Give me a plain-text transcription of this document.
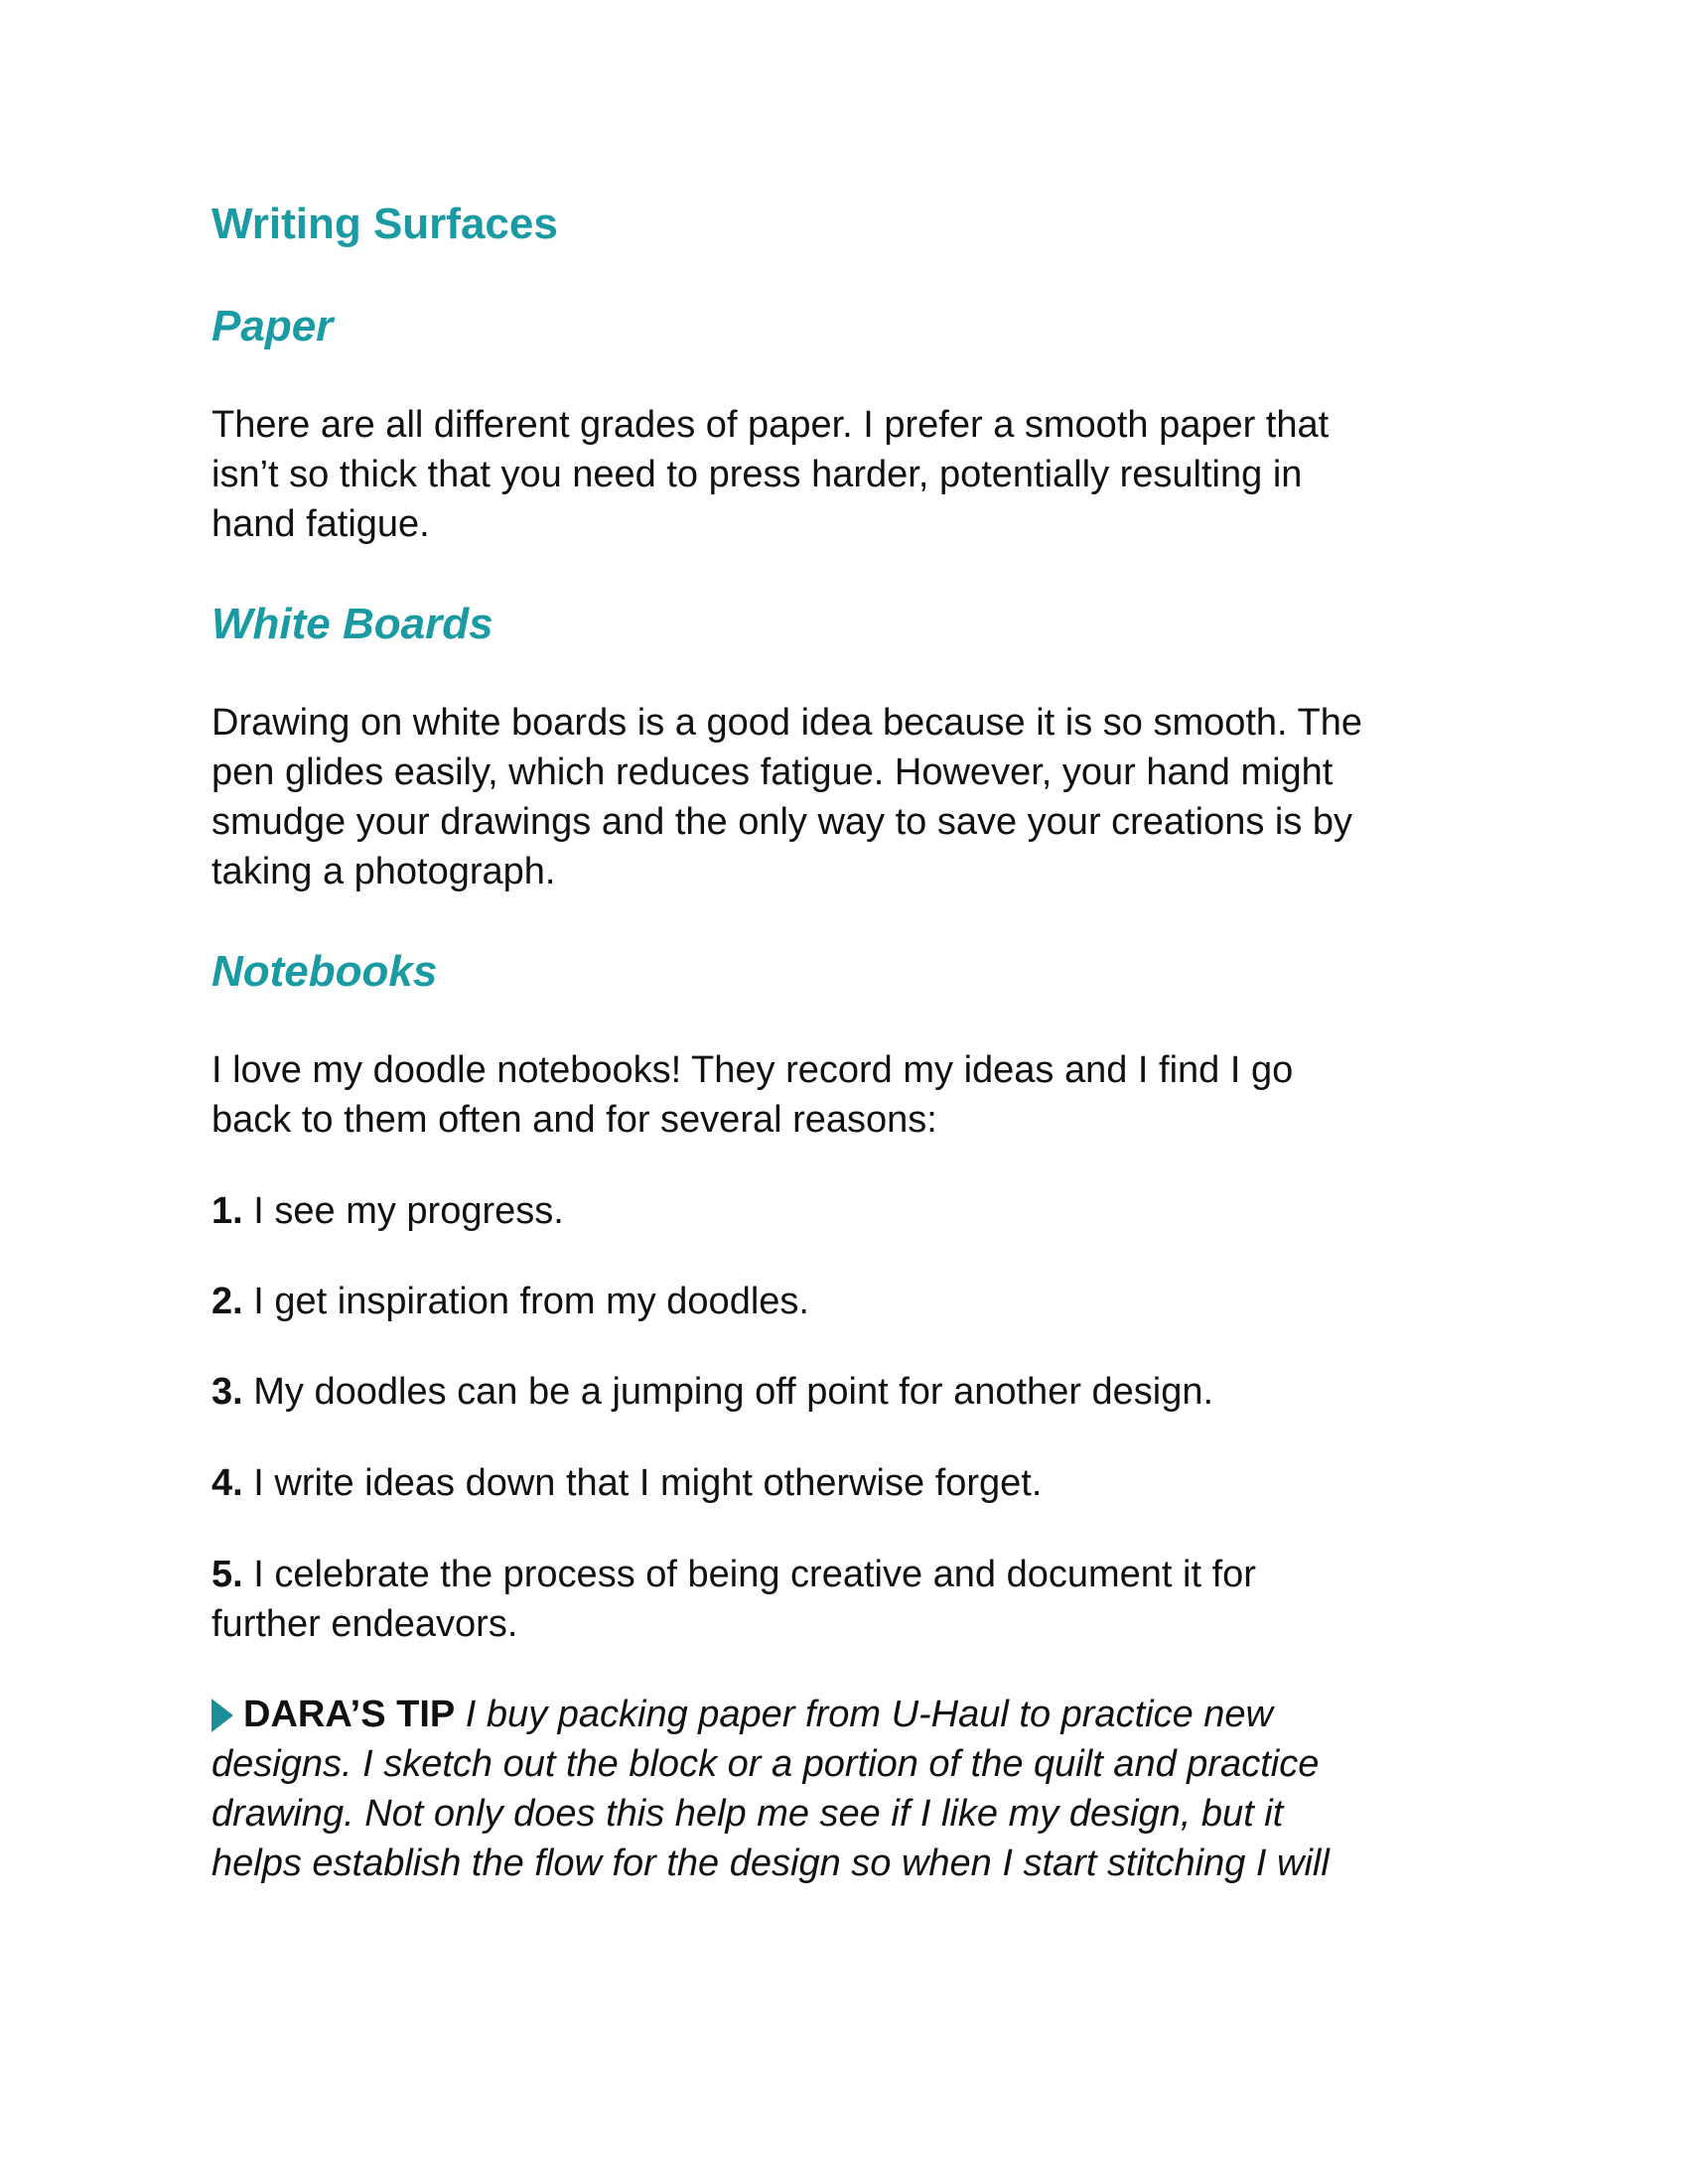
Writing Surfaces
Paper

There are all different grades of paper. I prefer a smooth paper that
isn’t so thick that you need to press harder, potentially resulting in
hand fatigue.

White Boards

Drawing on white boards is a good idea because it is so smooth. The
pen glides easily, which reduces fatigue. However, your hand might
smudge your drawings and the only way to save your creations is by
taking a photograph.

Notebooks

I love my doodle notebooks! They record my ideas and I find I go
back to them often and for several reasons:

1. I see my progress.

2. I get inspiration from my doodles.

3. My doodles can be a jumping off point for another design.

4. I write ideas down that I might otherwise forget.

5. I celebrate the process of being creative and document it for
further endeavors.

DARA’S TIP I buy packing paper from U-Haul to practice new
designs. I sketch out the block or a portion of the quilt and practice
drawing. Not only does this help me see if I like my design, but it
helps establish the flow for the design so when I start stitching I will
